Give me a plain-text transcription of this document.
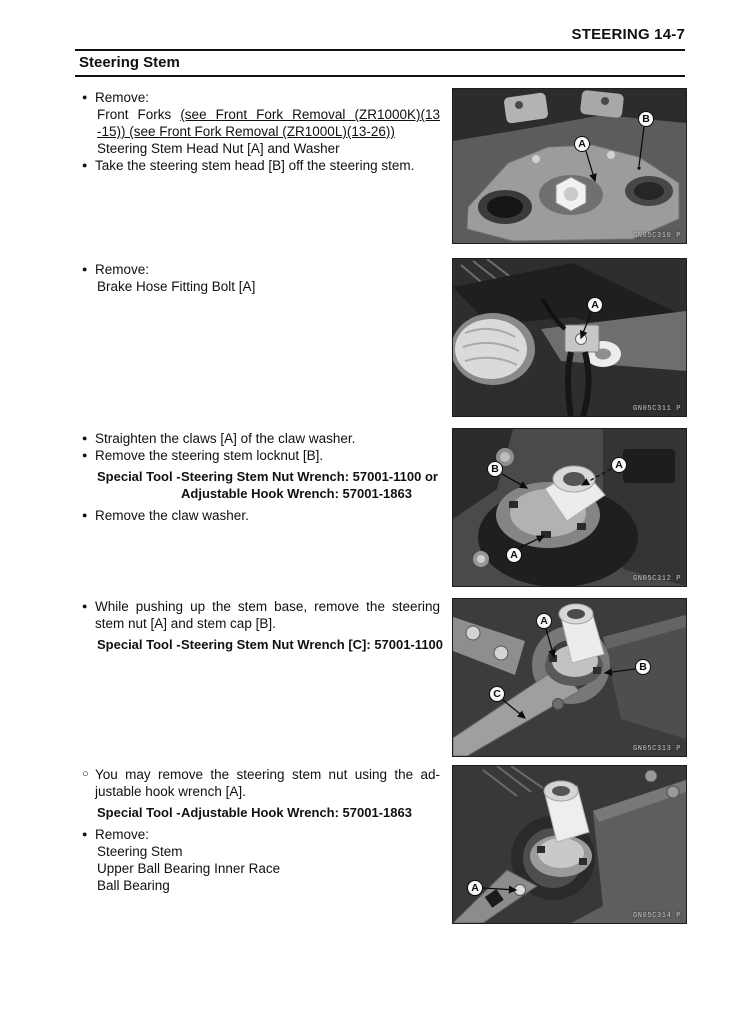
STEERING 14-7
Steering Stem
● Remove:
Front Forks (see Front Fork Removal (ZR1000K)(13
-15)) (see Front Fork Removal (ZR1000L)(13-26))
Steering Stem Head Nut [A] and Washer
● Take the steering stem head [B] off the steering stem.
● Remove:
Brake Hose Fitting Bolt [A]
● Straighten the claws [A] of the claw washer.
● Remove the steering stem locknut [B].
Special Tool - Steering Stem Nut Wrench: 57001-1100 or
Adjustable Hook Wrench: 57001-1863
● Remove the claw washer.
● While pushing up the stem base, remove the steering
stem nut [A] and stem cap [B].
Special Tool - Steering Stem Nut Wrench [C]: 57001-1100
○ You may remove the steering stem nut using the ad-
justable hook wrench [A].
Special Tool - Adjustable Hook Wrench: 57001-1863
● Remove:
Steering Stem
Upper Ball Bearing Inner Race
Ball Bearing
A
B
GN05C310 P
A
GN05C311 P
B	A
A
GN05C312 P
A
B
C
GN05C313 P
A
GN05C314 P
